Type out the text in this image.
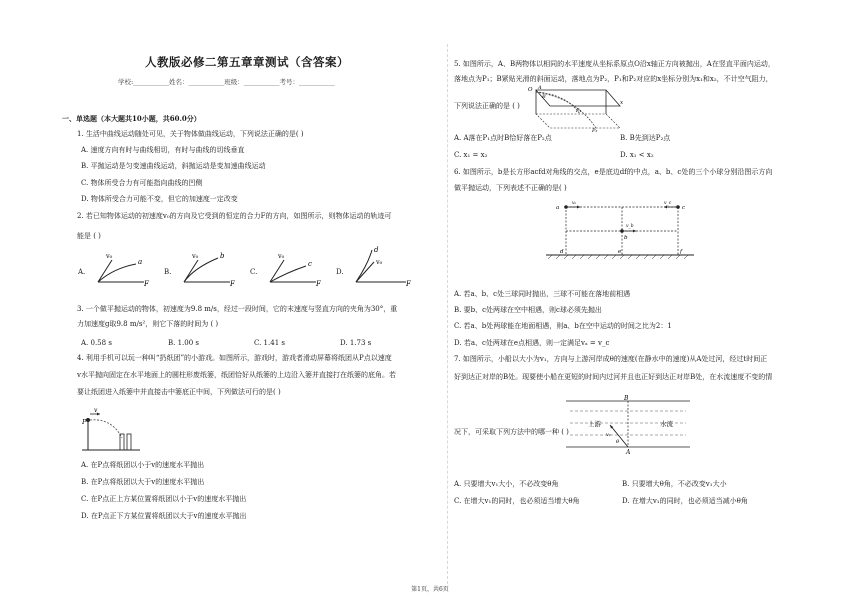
人教版必修二第五章章测试（含答案）
学校:___________姓名：___________班级：___________考号：___________
一、单选题（本大题共10小题，共60.0分）
1. 生活中曲线运动随处可见，关于物体做曲线运动，下列说法正确的是( )
A. 速度方向有时与曲线相切，有时与曲线的切线垂直
B. 平抛运动是匀变速曲线运动，斜抛运动是变加速曲线运动
C. 物体所受合力有可能指向曲线的凹侧
D. 物体所受合力可能不变，但它的加速度一定改变
2. 若已知物体运动的初速度v₀的方向及它受到的恒定的合力F的方向，如图所示，则物体运动的轨迹可
能是 ( )
A.
v₀
a
F
B.
v₀	b
F
C.
v₀
c
F
D.
d
v₀
F
3. 一个做平抛运动的物体，初速度为9.8 m/s，经过一段时间，它的末速度与竖直方向的夹角为30°，重
力加速度g取9.8 m/s²，则它下落的时间为 ( )
A. 0.58 s	B. 1.00 s	C. 1.41 s	D. 1.73 s
4. 利用手机可以玩一种叫“扔纸团”的小游戏。如图所示，游戏时，游戏者滑动屏幕将纸团从P点以速度
v水平抛向固定在水平地面上的圆柱形废纸篓，纸团恰好从纸篓的上边沿入篓并直接打在纸篓的底角。若
要让纸团进入纸篓中并直接击中篓底正中间，下列做法可行的是( )
P
v
A. 在P点将纸团以小于v的速度水平抛出
B. 在P点将纸团以大于v的速度水平抛出
C. 在P点正上方某位置将纸团以小于v的速度水平抛出
D. 在P点正下方某位置将纸团以大于v的速度水平抛出
5. 如图所示，A、B两物体以相同的水平速度从坐标系原点O沿x轴正方向被抛出，A在竖直平面内运动，
落地点为P₁；B紧贴光滑的斜面运动，落地点为P₂，P₁和P₂对应的x坐标分别为x₁和x₂，不计空气阻力，
O A
B
x
P₁
P₂
下列说法正确的是 ( )
A. A落在P₁点时B恰好落在P₂点	B. B先到达P₂点
C. x₁ = x₂	D. x₁ < x₂
6. 如图所示，b是长方形acfd对角线的交点，e是底边df的中点，a、b、c处的三个小球分别沿图示方向
做平抛运动，下列表述不正确的是( )
a
b
c
d	e	f
vₐ
v_b
v_c
A. 若a、b、c处三球同时抛出，三球不可能在落地前相遇
B. 要b、c处两球在空中相遇，则c球必须先抛出
C. 若a、b处两球能在地面相遇，则a、b在空中运动的时间之比为2：1
D. 若a、c处两球在e点相遇，则一定满足vₐ = v_c
7. 如图所示，小船以大小为v₁，方向与上游河岸成θ的速度(在静水中的速度)从A处过河，经过t时间正
好到达正对岸的B处。现要使小船在更短的时间内过河并且也正好到达正对岸B处，在水流速度不变的情
B
A
上游	水流
v₁
θ
况下，可采取下列方法中的哪一种 ( )
A. 只要增大v₁大小，不必改变θ角	B. 只要增大θ角，不必改变v₁大小
C. 在增大v₁的同时，也必须适当增大θ角	D. 在增大v₁的同时，也必须适当减小θ角
第1页，共6页
